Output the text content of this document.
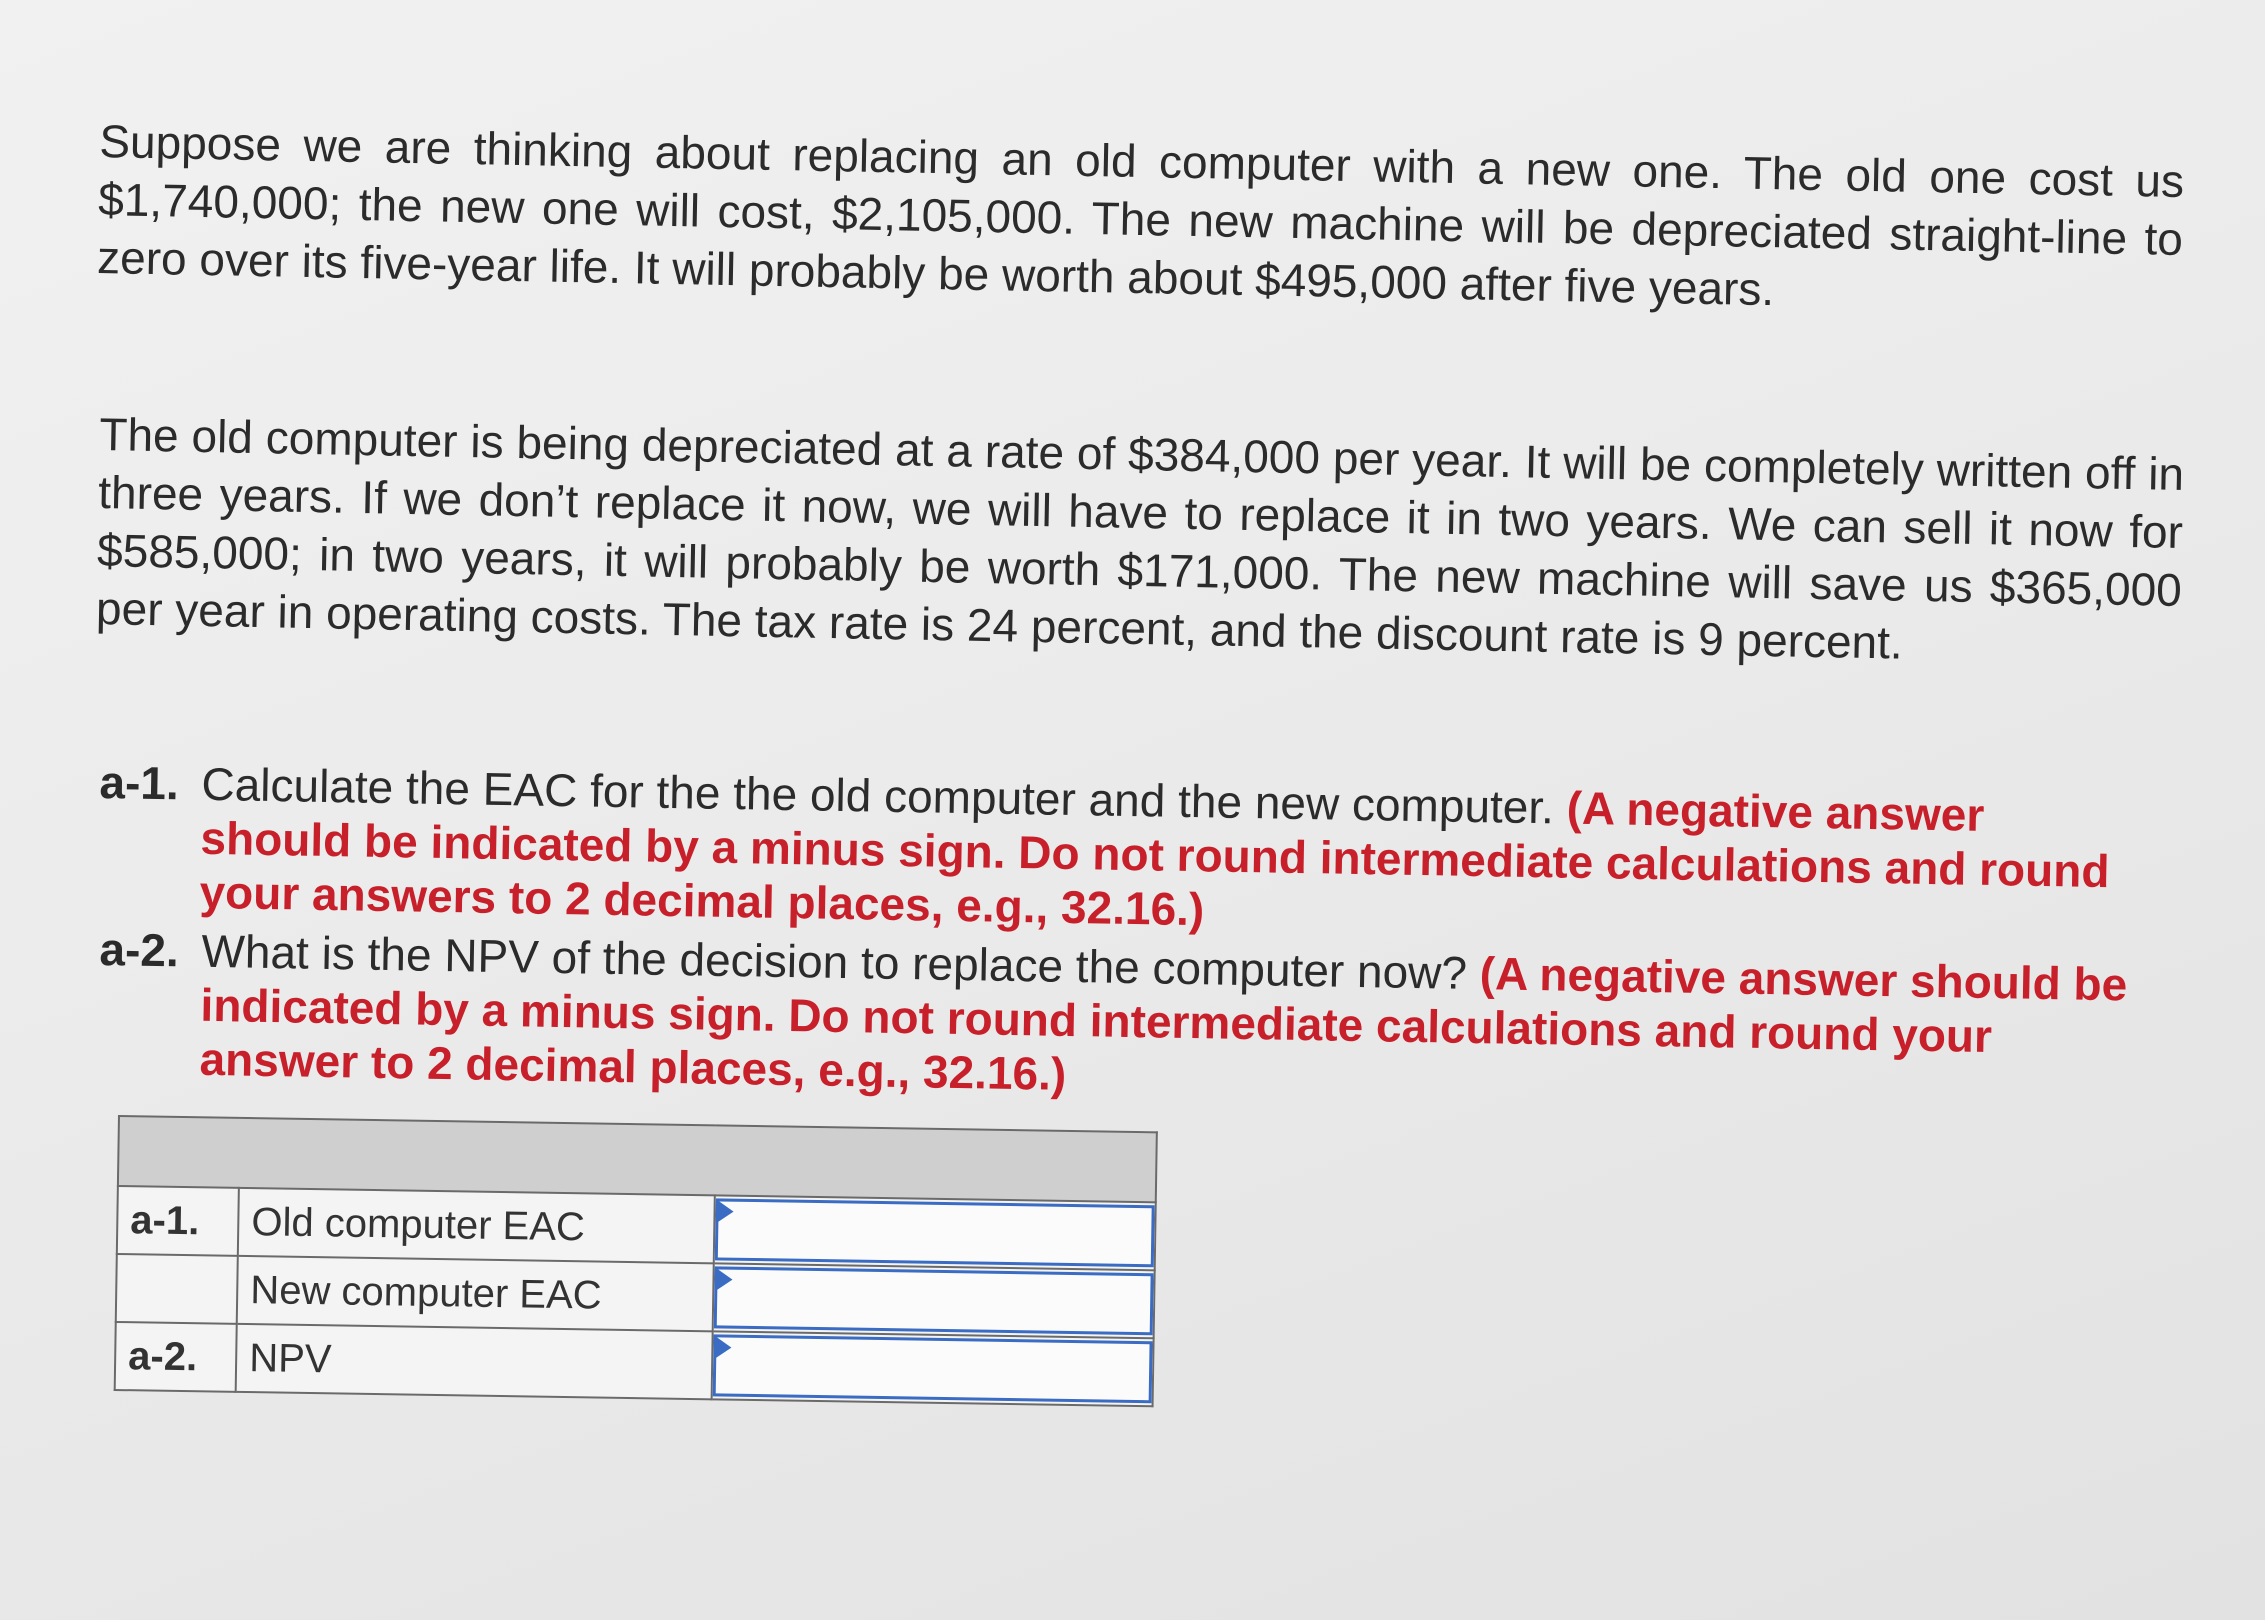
Suppose we are thinking about replacing an old computer with a new one. The old one cost us $1,740,000; the new one will cost, $2,105,000. The new machine will be depreciated straight-line to zero over its five-year life. It will probably be worth about $495,000 after five years.

The old computer is being depreciated at a rate of $384,000 per year. It will be completely written off in three years. If we don’t replace it now, we will have to replace it in two years. We can sell it now for $585,000; in two years, it will probably be worth $171,000. The new machine will save us $365,000 per year in operating costs. The tax rate is 24 percent, and the discount rate is 9 percent.

a-1. Calculate the EAC for the the old computer and the new computer. (A negative answer should be indicated by a minus sign. Do not round intermediate calculations and round your answers to 2 decimal places, e.g., 32.16.)
a-2. What is the NPV of the decision to replace the computer now? (A negative answer should be indicated by a minus sign. Do not round intermediate calculations and round your answer to 2 decimal places, e.g., 32.16.)

a-1.	Old computer EAC	

	New computer EAC	

a-2.	NPV	
